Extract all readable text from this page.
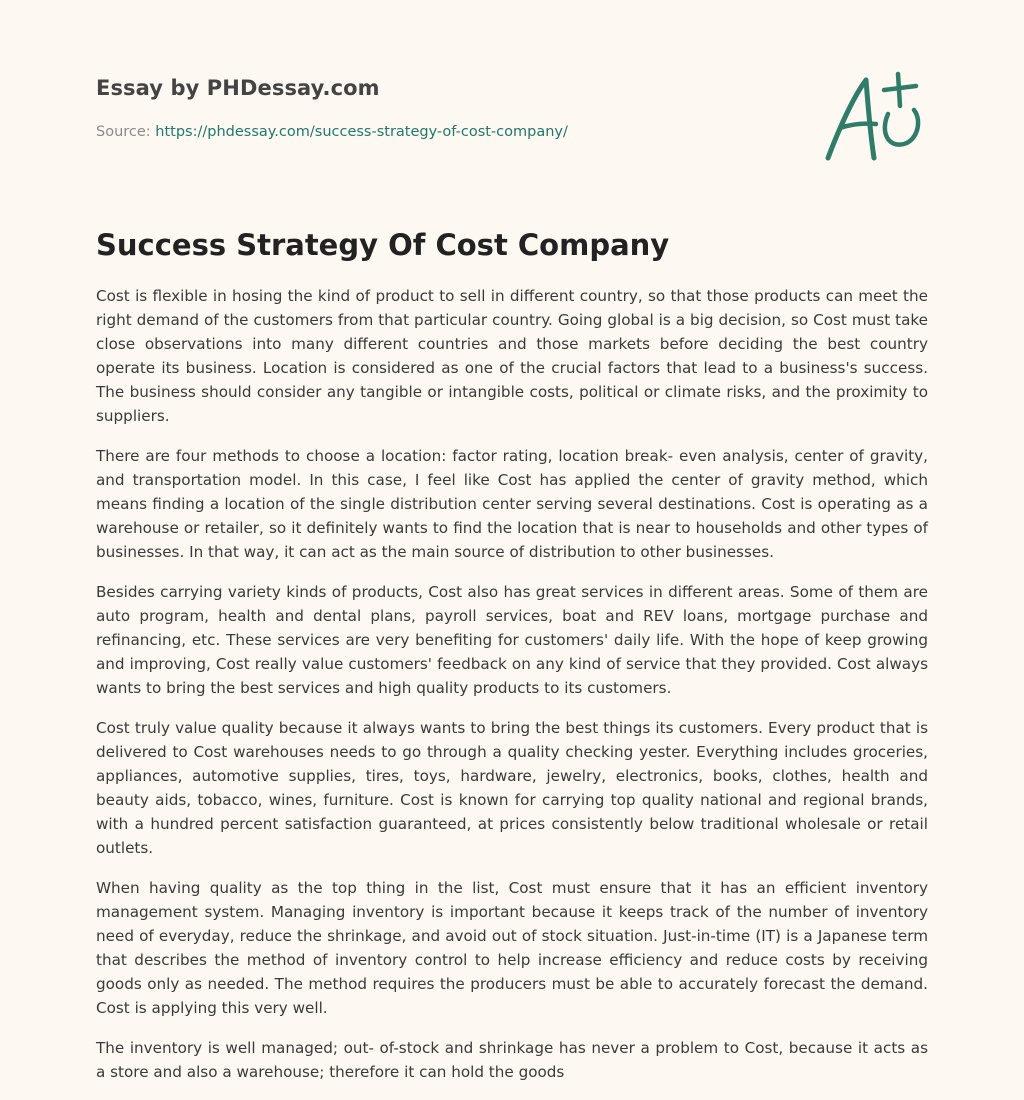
Essay by PHDessay.com
Source: https://phdessay.com/success-strategy-of-cost-company/
Success Strategy Of Cost Company

Cost is flexible in hosing the kind of product to sell in different country, so that those products can meet the right demand of the customers from that particular country. Going global is a big decision, so Cost must take close observations into many different countries and those markets before deciding the best country operate its business. Location is considered as one of the crucial factors that lead to a business's success. The business should consider any tangible or intangible costs, political or climate risks, and the proximity to suppliers.

There are four methods to choose a location: factor rating, location break- even analysis, center of gravity, and transportation model. In this case, I feel like Cost has applied the center of gravity method, which means finding a location of the single distribution center serving several destinations. Cost is operating as a warehouse or retailer, so it definitely wants to find the location that is near to households and other types of businesses. In that way, it can act as the main source of distribution to other businesses.

Besides carrying variety kinds of products, Cost also has great services in different areas. Some of them are auto program, health and dental plans, payroll services, boat and REV loans, mortgage purchase and refinancing, etc. These services are very benefiting for customers' daily life. With the hope of keep growing and improving, Cost really value customers' feedback on any kind of service that they provided. Cost always wants to bring the best services and high quality products to its customers.

Cost truly value quality because it always wants to bring the best things its customers. Every product that is delivered to Cost warehouses needs to go through a quality checking yester. Everything includes groceries, appliances, automotive supplies, tires, toys, hardware, jewelry, electronics, books, clothes, health and beauty aids, tobacco, wines, furniture. Cost is known for carrying top quality national and regional brands, with a hundred percent satisfaction guaranteed, at prices consistently below traditional wholesale or retail outlets.

When having quality as the top thing in the list, Cost must ensure that it has an efficient inventory management system. Managing inventory is important because it keeps track of the number of inventory need of everyday, reduce the shrinkage, and avoid out of stock situation. Just-in-time (IT) is a Japanese term that describes the method of inventory control to help increase efficiency and reduce costs by receiving goods only as needed. The method requires the producers must be able to accurately forecast the demand. Cost is applying this very well.

The inventory is well managed; out- of-stock and shrinkage has never a problem to Cost, because it acts as a store and also a warehouse; therefore it can hold the goods
